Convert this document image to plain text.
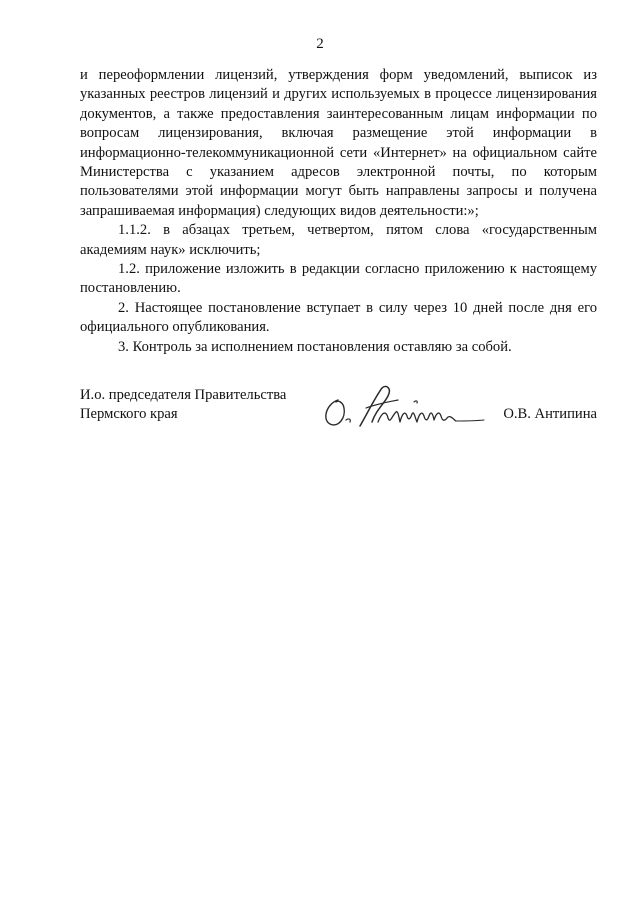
2

и переоформлении лицензий, утверждения форм уведомлений, выписок из указанных реестров лицензий и других используемых в процессе лицензирования документов, а также предоставления заинтересованным лицам информации по вопросам лицензирования, включая размещение этой информации в информационно-телекоммуникационной сети «Интернет» на официальном сайте Министерства с указанием адресов электронной почты, по которым пользователями этой информации могут быть направлены запросы и получена запрашиваемая информация) следующих видов деятельности:»;

1.1.2. в абзацах третьем, четвертом, пятом слова «государственным академиям наук» исключить;

1.2. приложение изложить в редакции согласно приложению к настоящему постановлению.

2. Настоящее постановление вступает в силу через 10 дней после дня его официального опубликования.

3. Контроль за исполнением постановления оставляю за собой.

И.о. председателя Правительства
Пермского края	О.В. Антипина
